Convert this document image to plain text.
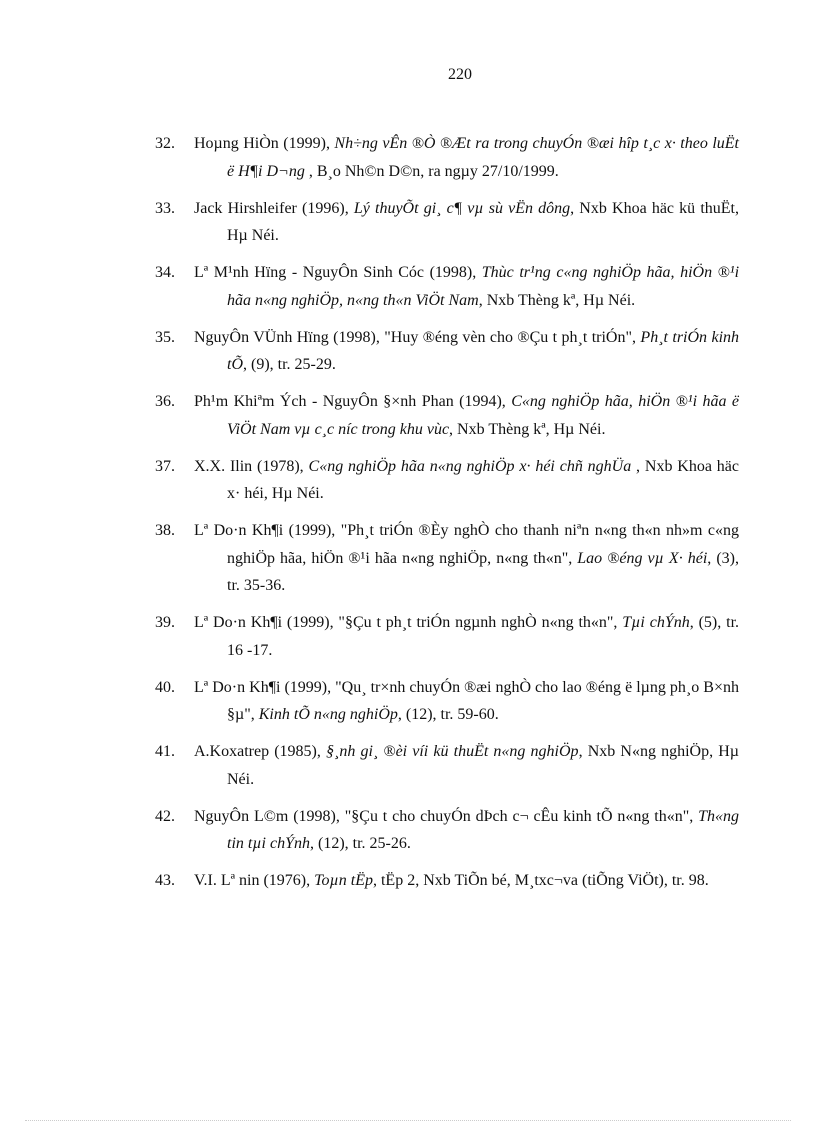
220
32. Hoµng HiÒn (1999), Nh÷ng vÊn ®Ò ®Æt ra trong chuyÓn ®æi hîp t¸c x· theo luËt ë H¶i D¬ng , B¸o Nh©n D©n, ra ngµy 27/10/1999.
33. Jack Hirshleifer (1996), Lý thuyÕt gi¸ c¶ vµ sù vËn dông, Nxb Khoa häc kü thuËt, Hµ Néi.
34. Lª M¹nh Hïng - NguyÔn Sinh Cóc (1998), Thùc tr¹ng c«ng nghiÖp hãa, hiÖn ®¹i hãa n«ng nghiÖp, n«ng th«n ViÖt Nam, Nxb Thèng kª, Hµ Néi.
35. NguyÔn VÜnh Hïng (1998), "Huy ®éng vèn cho ®Çu t ph¸t triÓn", Ph¸t triÓn kinh tÕ, (9), tr. 25-29.
36. Ph¹m Khiªm Ých - NguyÔn §×nh Phan (1994), C«ng nghiÖp hãa, hiÖn ®¹i hãa ë ViÖt Nam vµ c¸c níc trong khu vùc, Nxb Thèng kª, Hµ Néi.
37. X.X. Ilin (1978), C«ng nghiÖp hãa n«ng nghiÖp x· héi chñ nghÜa , Nxb Khoa häc x· héi, Hµ Néi.
38. Lª Do·n Kh¶i (1999), "Ph¸t triÓn ®Èy nghÒ cho thanh niªn n«ng th«n nh»m c«ng nghiÖp hãa, hiÖn ®¹i hãa n«ng nghiÖp, n«ng th«n", Lao ®éng vµ X· héi, (3), tr. 35-36.
39. Lª Do·n Kh¶i (1999), "§Çu t ph¸t triÓn ngµnh nghÒ n«ng th«n", Tµi chÝnh, (5), tr. 16 -17.
40. Lª Do·n Kh¶i (1999), "Qu¸ tr×nh chuyÓn ®æi nghÒ cho lao ®éng ë lµng ph¸o B×nh §µ", Kinh tÕ n«ng nghiÖp, (12), tr. 59-60.
41. A.Koxatrep (1985), §¸nh gi¸ ®èi víi kü thuËt n«ng nghiÖp, Nxb N«ng nghiÖp, Hµ Néi.
42. NguyÔn L©m (1998), "§Çu t cho chuyÓn dÞch c¬ cÊu kinh tÕ n«ng th«n", Th«ng tin tµi chÝnh, (12), tr. 25-26.
43. V.I. Lª nin (1976), Toµn tËp, tËp 2, Nxb TiÕn bé, M¸txc¬va (tiÕng ViÖt), tr. 98.
